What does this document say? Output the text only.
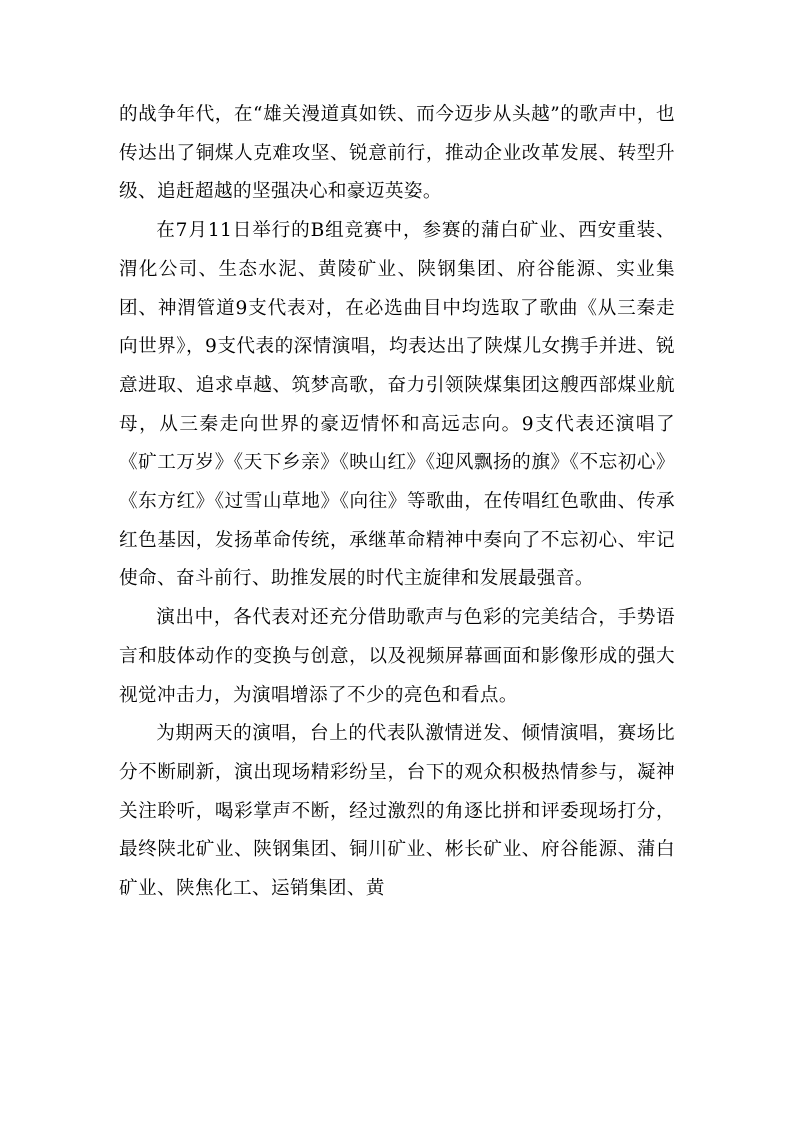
的战争年代，在“雄关漫道真如铁、而今迈步从头越”的歌声中，也传达出了铜煤人克难攻坚、锐意前行，推动企业改革发展、转型升级、追赶超越的坚强决心和豪迈英姿。

在7月11日举行的B组竞赛中，参赛的蒲白矿业、西安重装、渭化公司、生态水泥、黄陵矿业、陕钢集团、府谷能源、实业集团、神渭管道9支代表对，在必选曲目中均选取了歌曲《从三秦走向世界》，9支代表的深情演唱，均表达出了陕煤儿女携手并进、锐意进取、追求卓越、筑梦高歌，奋力引领陕煤集团这艘西部煤业航母，从三秦走向世界的豪迈情怀和高远志向。9支代表还演唱了《矿工万岁》《天下乡亲》《映山红》《迎风飘扬的旗》《不忘初心》《东方红》《过雪山草地》《向往》等歌曲，在传唱红色歌曲、传承红色基因，发扬革命传统，承继革命精神中奏向了不忘初心、牢记使命、奋斗前行、助推发展的时代主旋律和发展最强音。

演出中，各代表对还充分借助歌声与色彩的完美结合，手势语言和肢体动作的变换与创意，以及视频屏幕画面和影像形成的强大视觉冲击力，为演唱增添了不少的亮色和看点。

为期两天的演唱，台上的代表队激情迸发、倾情演唱，赛场比分不断刷新，演出现场精彩纷呈，台下的观众积极热情参与，凝神关注聆听，喝彩掌声不断，经过激烈的角逐比拼和评委现场打分，最终陕北矿业、陕钢集团、铜川矿业、彬长矿业、府谷能源、蒲白矿业、陕焦化工、运销集团、黄
